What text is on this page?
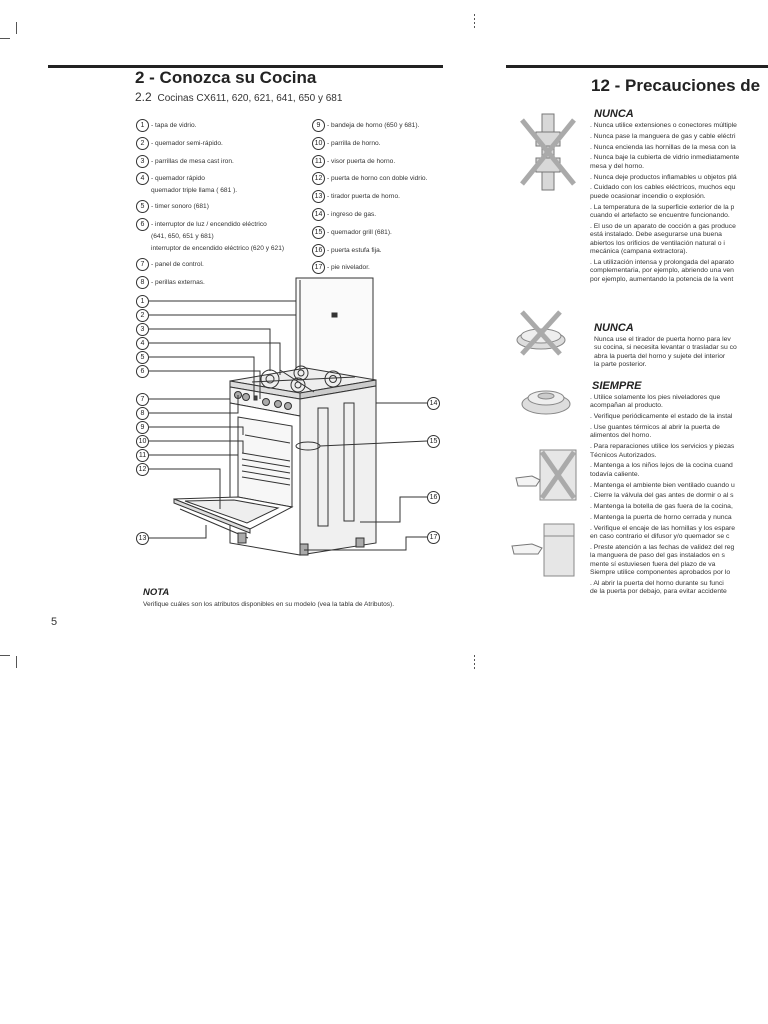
2 - Conozca su Cocina
2.2 Cocinas CX611, 620, 621, 641, 650 y 681
1 - tapa de vidrio.
2 - quemador semi-rápido.
3 - parrillas de mesa cast iron.
4 - quemador rápido
quemador triple llama ( 681 ).
5 - timer sonoro (681)
6 - interruptor de luz / encendido eléctrico
(641, 650, 651 y 681)
interruptor de encendido eléctrico (620 y 621)
7 - panel de control.
8 - perillas externas.
9 - bandeja de horno (650 y 681).
10 - parrilla de horno.
11 - visor puerta de horno.
12 - puerta de horno con doble vidrio.
13 - tirador puerta de horno.
14 - ingreso de gas.
15 - quemador grill (681).
16 - puerta estufa fija.
17 - pie nivelador.
1
2
3
4
5
6
7
8
9
10
11
12
13
14
15
16
17
NOTA
Verifique cuáles son los atributos disponibles en su modelo (vea la tabla de Atributos).
5
12 - Precauciones de
NUNCA
. Nunca utilice extensiones o conectores múltiple
. Nunca pase la manguera de gas y cable eléctri
. Nunca encienda las hornillas de la mesa con la
. Nunca baje la cubierta de vidrio inmediatamente
mesa y del horno.
. Nunca deje productos inflamables u objetos plá
. Cuidado con los cables eléctricos, muchos equ
puede ocasionar incendio o explosión.
. La temperatura de la superficie exterior de la p
cuando el artefacto se encuentre funcionando.
. El uso de un aparato de cocción a gas produce
está instalado. Debe asegurarse una buena
abiertos los orificios de ventilación natural o i
mecánica (campana extractora).
. La utilización intensa y prolongada del aparato
complementaria, por ejemplo, abriendo una ven
por ejemplo, aumentando la potencia de la vent
NUNCA
Nunca use el tirador de puerta horno para lev
su cocina, si necesita levantar o trasladar su co
abra la puerta del horno y sujete del interior
la parte posterior.
SIEMPRE
. Utilice solamente los pies niveladores que
acompañan al producto.
. Verifique periódicamente el estado de la instal
. Use guantes térmicos al abrir la puerta de
alimentos del horno.
. Para reparaciones utilice los servicios y piezas
Técnicos Autorizados.
. Mantenga a los niños lejos de la cocina cuand
todavía caliente.
. Mantenga el ambiente bien ventilado cuando u
. Cierre la válvula del gas antes de dormir o al s
. Mantenga la botella de gas fuera de la cocina,
. Mantenga la puerta de horno cerrada y nunca
. Verifique el encaje de las hornillas y los espare
en caso contrario el difusor y/o quemador se c
. Preste atención a las fechas de validez del reg
la manguera de paso del gas instalados en s
mente sí estuviesen fuera del plazo de va
Siempre utilice componentes aprobados por lo
. Al abrir la puerta del horno durante su funci
de la puerta por debajo, para evitar accidente
